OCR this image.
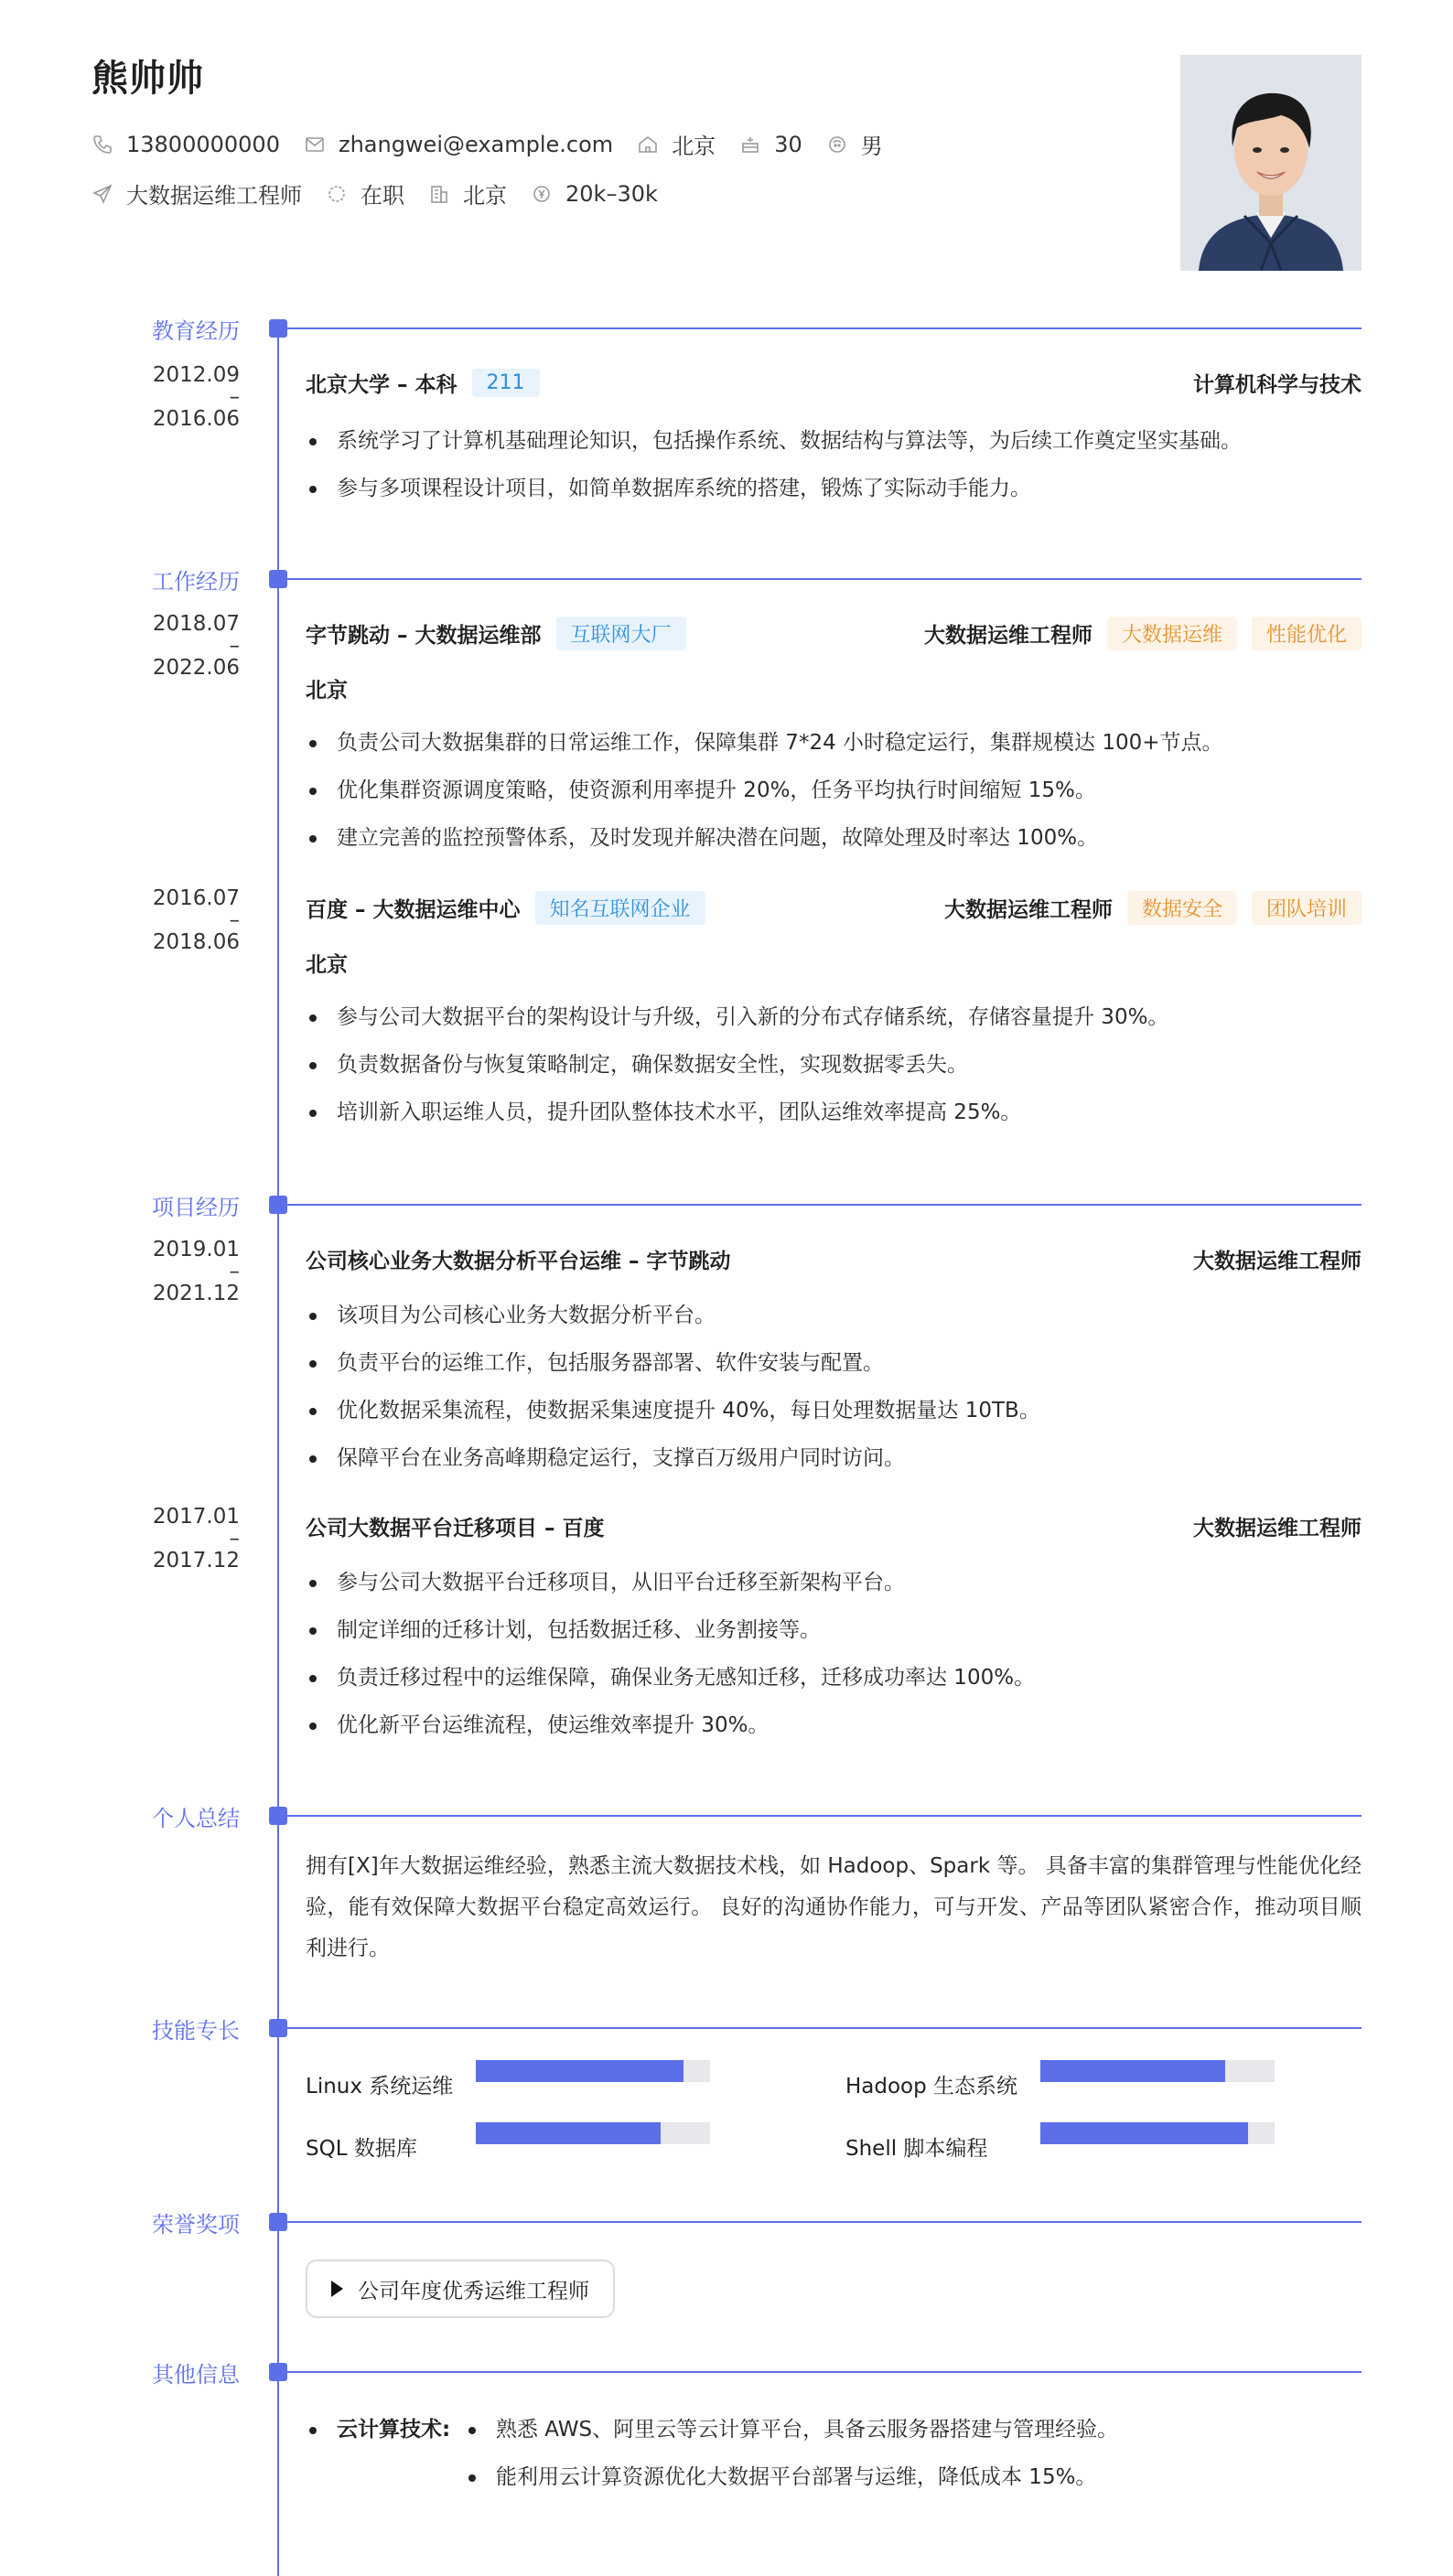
熊帅帅
13800000000	zhangwei@example.com	北京	30	男
大数据运维工程师	在职	北京	20k–30k
教育经历
2012.09
–
2016.06
北京大学 – 本科	211	计算机科学与技术
系统学习了计算机基础理论知识，包括操作系统、数据结构与算法等，为后续工作奠定坚实基础。
参与多项课程设计项目，如简单数据库系统的搭建，锻炼了实际动手能力。
工作经历
2018.07
–
2022.06
字节跳动 – 大数据运维部	互联网大厂	大数据运维工程师	大数据运维	性能优化
北京
负责公司大数据集群的日常运维工作，保障集群 7*24 小时稳定运行，集群规模达 100+节点。
优化集群资源调度策略，使资源利用率提升 20%，任务平均执行时间缩短 15%。
建立完善的监控预警体系，及时发现并解决潜在问题，故障处理及时率达 100%。
2016.07
–
2018.06
百度 – 大数据运维中心	知名互联网企业	大数据运维工程师	数据安全	团队培训
北京
参与公司大数据平台的架构设计与升级，引入新的分布式存储系统，存储容量提升 30%。
负责数据备份与恢复策略制定，确保数据安全性，实现数据零丢失。
培训新入职运维人员，提升团队整体技术水平，团队运维效率提高 25%。
项目经历
2019.01
–
2021.12
公司核心业务大数据分析平台运维 – 字节跳动	大数据运维工程师
该项目为公司核心业务大数据分析平台。
负责平台的运维工作，包括服务器部署、软件安装与配置。
优化数据采集流程，使数据采集速度提升 40%，每日处理数据量达 10TB。
保障平台在业务高峰期稳定运行，支撑百万级用户同时访问。
2017.01
–
2017.12
公司大数据平台迁移项目 – 百度	大数据运维工程师
参与公司大数据平台迁移项目，从旧平台迁移至新架构平台。
制定详细的迁移计划，包括数据迁移、业务割接等。
负责迁移过程中的运维保障，确保业务无感知迁移，迁移成功率达 100%。
优化新平台运维流程，使运维效率提升 30%。
个人总结
拥有[X]年大数据运维经验，熟悉主流大数据技术栈，如 Hadoop、Spark 等。 具备丰富的集群管理与性能优化经验，能有效保障大数据平台稳定高效运行。 良好的沟通协作能力，可与开发、产品等团队紧密合作，推动项目顺利进行。
技能专长
Linux 系统运维	Hadoop 生态系统
SQL 数据库	Shell 脚本编程
荣誉奖项
公司年度优秀运维工程师
其他信息
云计算技术:	熟悉 AWS、阿里云等云计算平台，具备云服务器搭建与管理经验。
能利用云计算资源优化大数据平台部署与运维，降低成本 15%。
